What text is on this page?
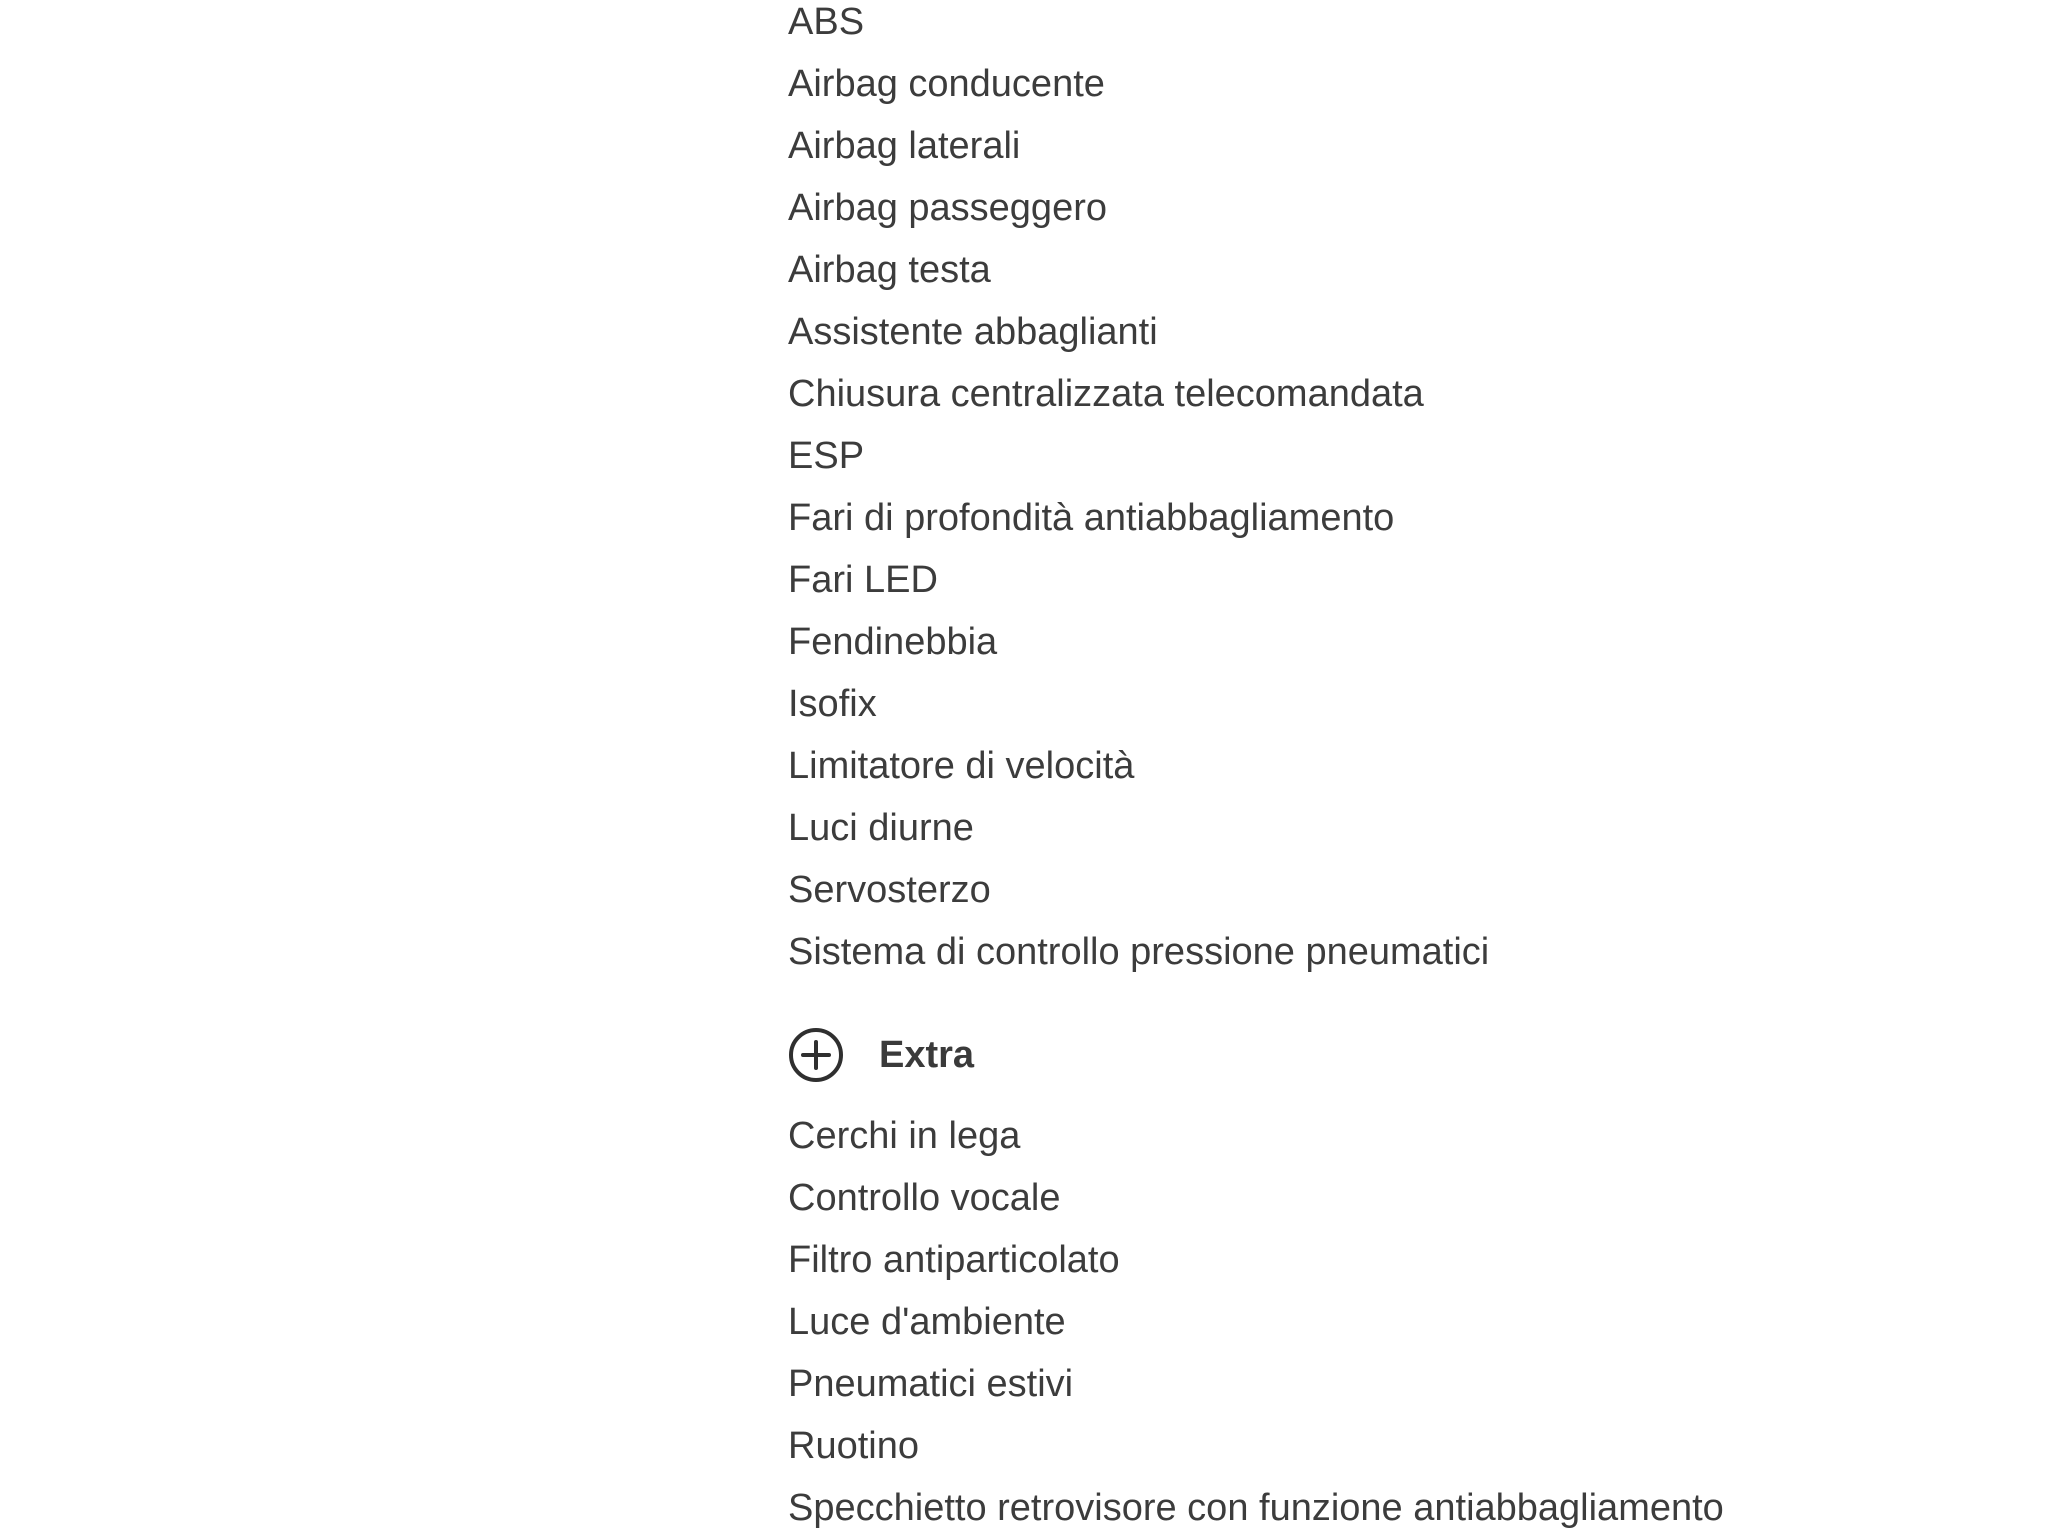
ABS
Airbag conducente
Airbag laterali
Airbag passeggero
Airbag testa
Assistente abbaglianti
Chiusura centralizzata telecomandata
ESP
Fari di profondità antiabbagliamento
Fari LED
Fendinebbia
Isofix
Limitatore di velocità
Luci diurne
Servosterzo
Sistema di controllo pressione pneumatici
Extra
Cerchi in lega
Controllo vocale
Filtro antiparticolato
Luce d'ambiente
Pneumatici estivi
Ruotino
Specchietto retrovisore con funzione antiabbagliamento
